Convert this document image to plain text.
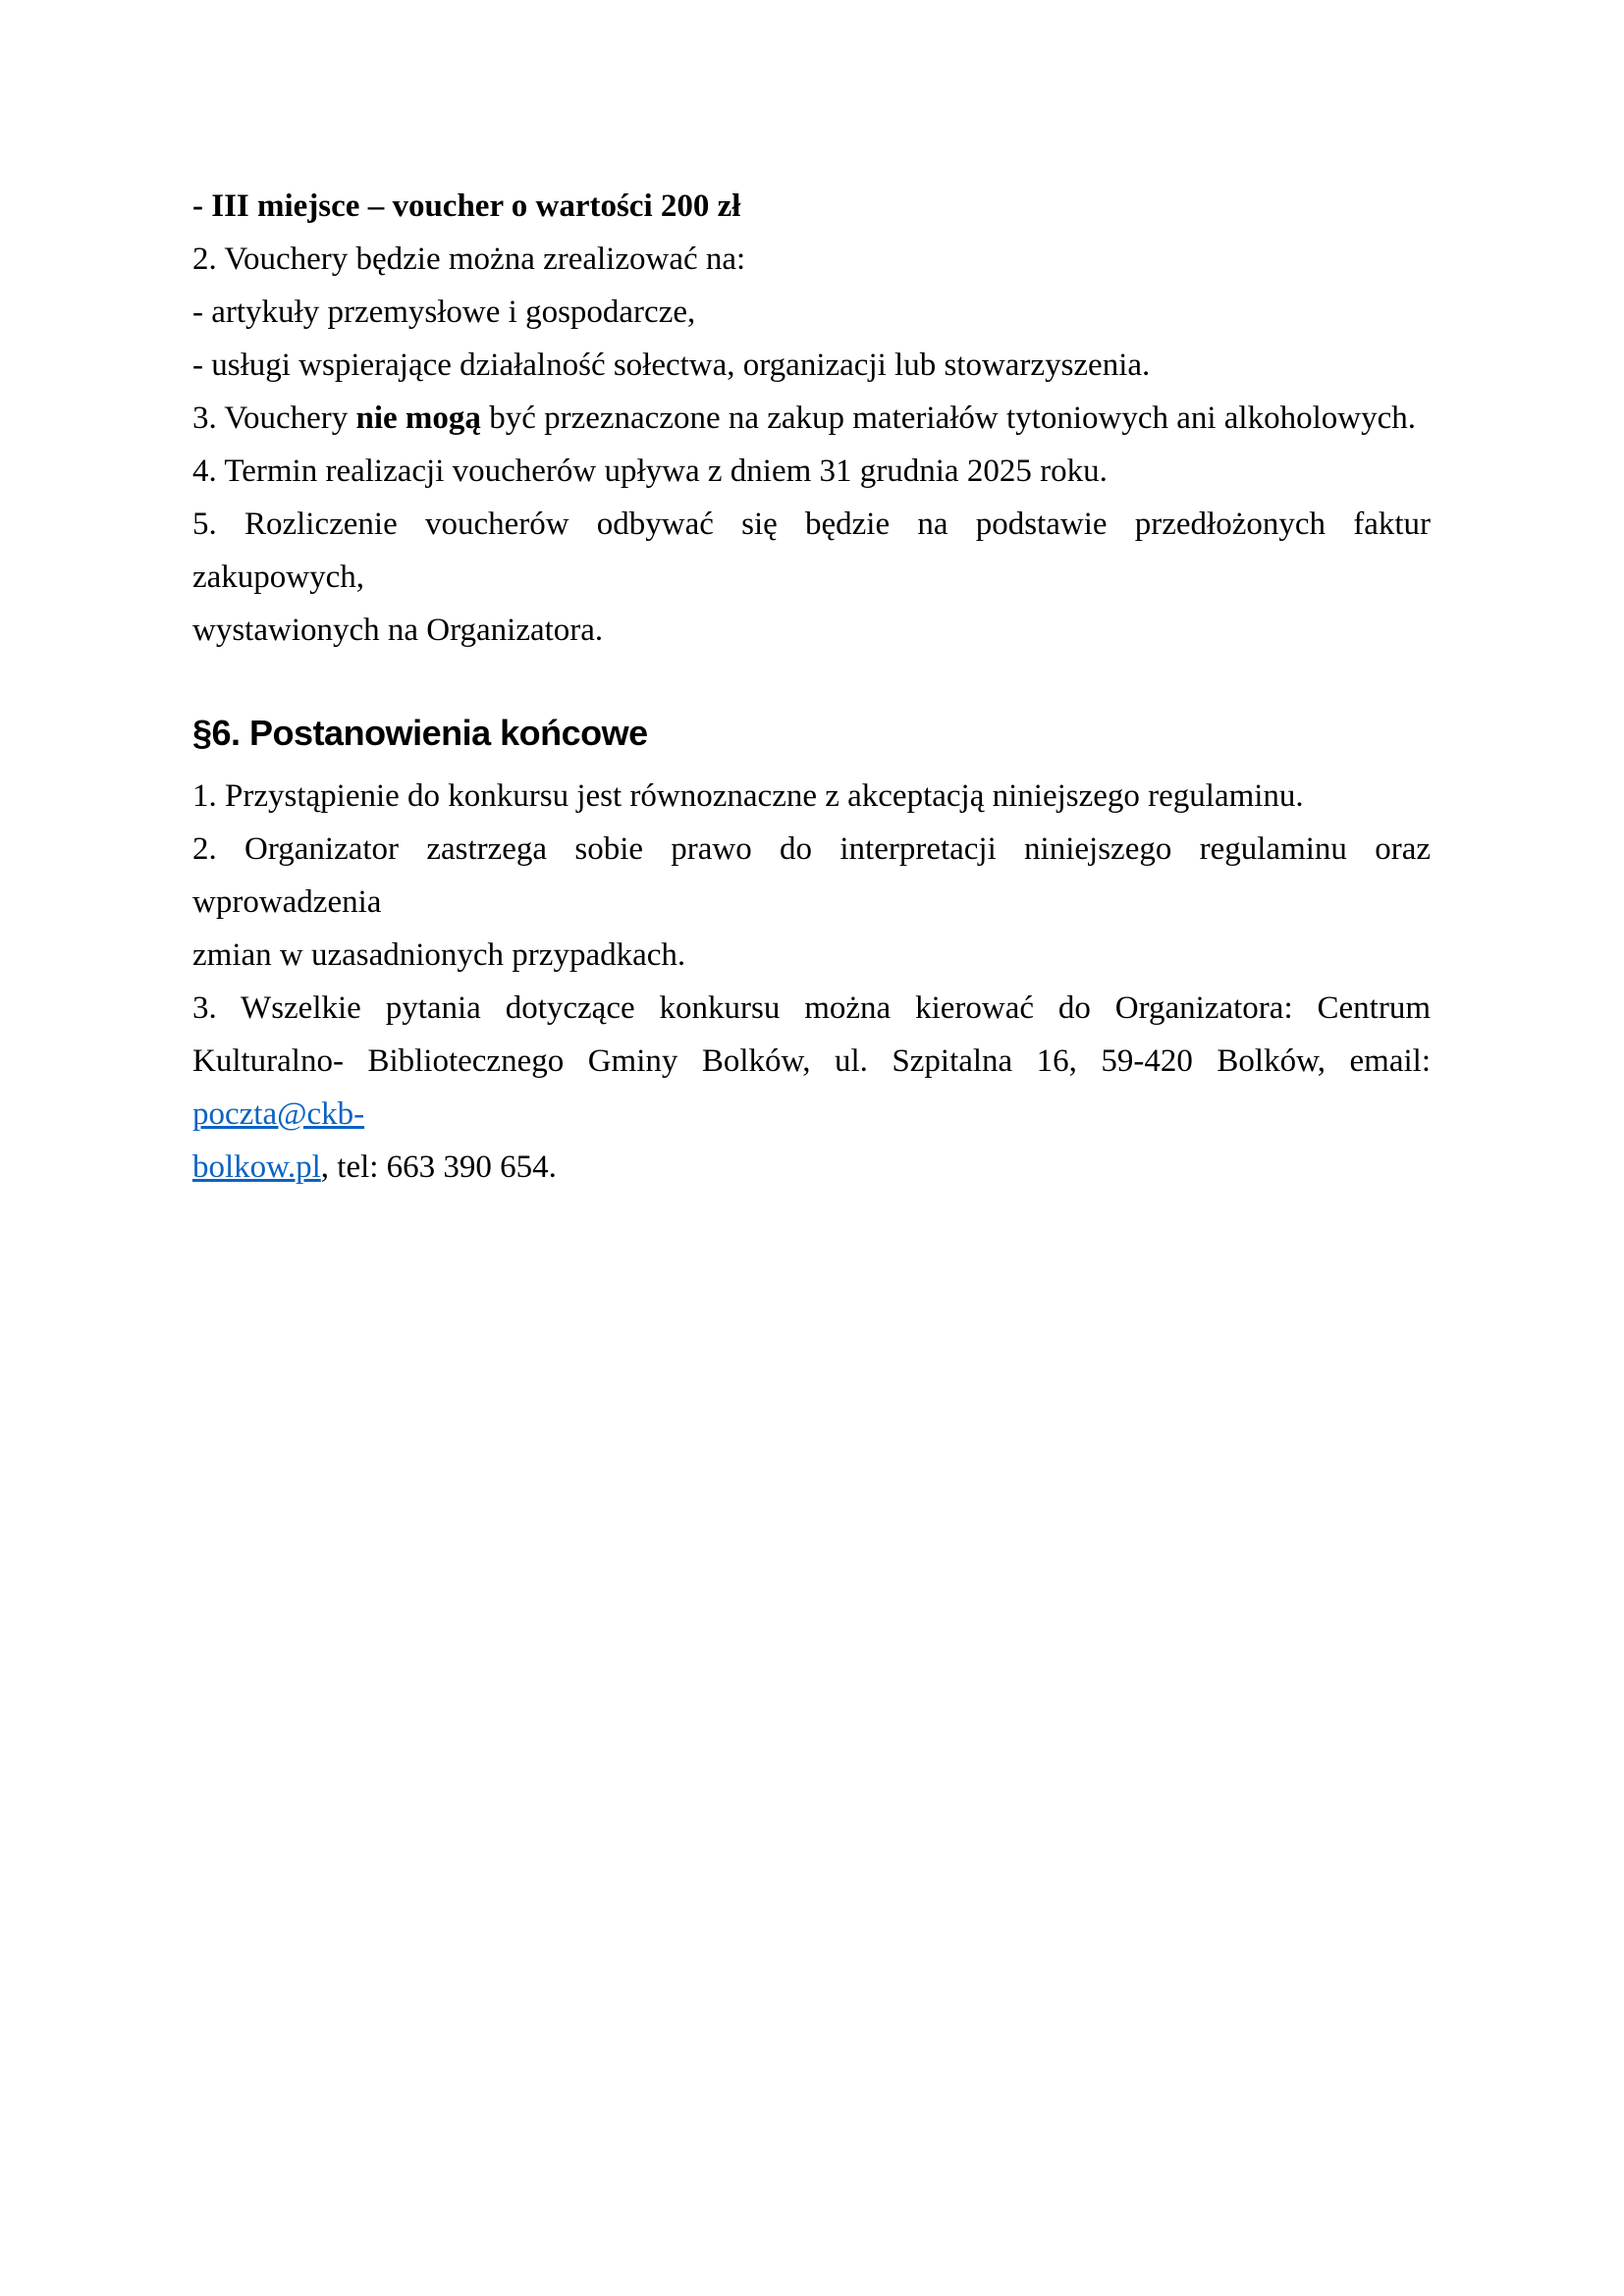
- III miejsce – voucher o wartości 200 zł

2. Vouchery będzie można zrealizować na:

- artykuły przemysłowe i gospodarcze,

- usługi wspierające działalność sołectwa, organizacji lub stowarzyszenia.

3. Vouchery nie mogą być przeznaczone na zakup materiałów tytoniowych ani alkoholowych.

4. Termin realizacji voucherów upływa z dniem 31 grudnia 2025 roku.

5. Rozliczenie voucherów odbywać się będzie na podstawie przedłożonych faktur zakupowych,
wystawionych na Organizatora.
§6. Postanowienia końcowe

1. Przystąpienie do konkursu jest równoznaczne z akceptacją niniejszego regulaminu.

2. Organizator zastrzega sobie prawo do interpretacji niniejszego regulaminu oraz wprowadzenia
zmian w uzasadnionych przypadkach.
3. Wszelkie pytania dotyczące konkursu można kierować do Organizatora: Centrum
Kulturalno- Bibliotecznego Gminy Bolków, ul. Szpitalna 16, 59-420 Bolków, email: poczta@ckb-
bolkow.pl, tel: 663 390 654.
